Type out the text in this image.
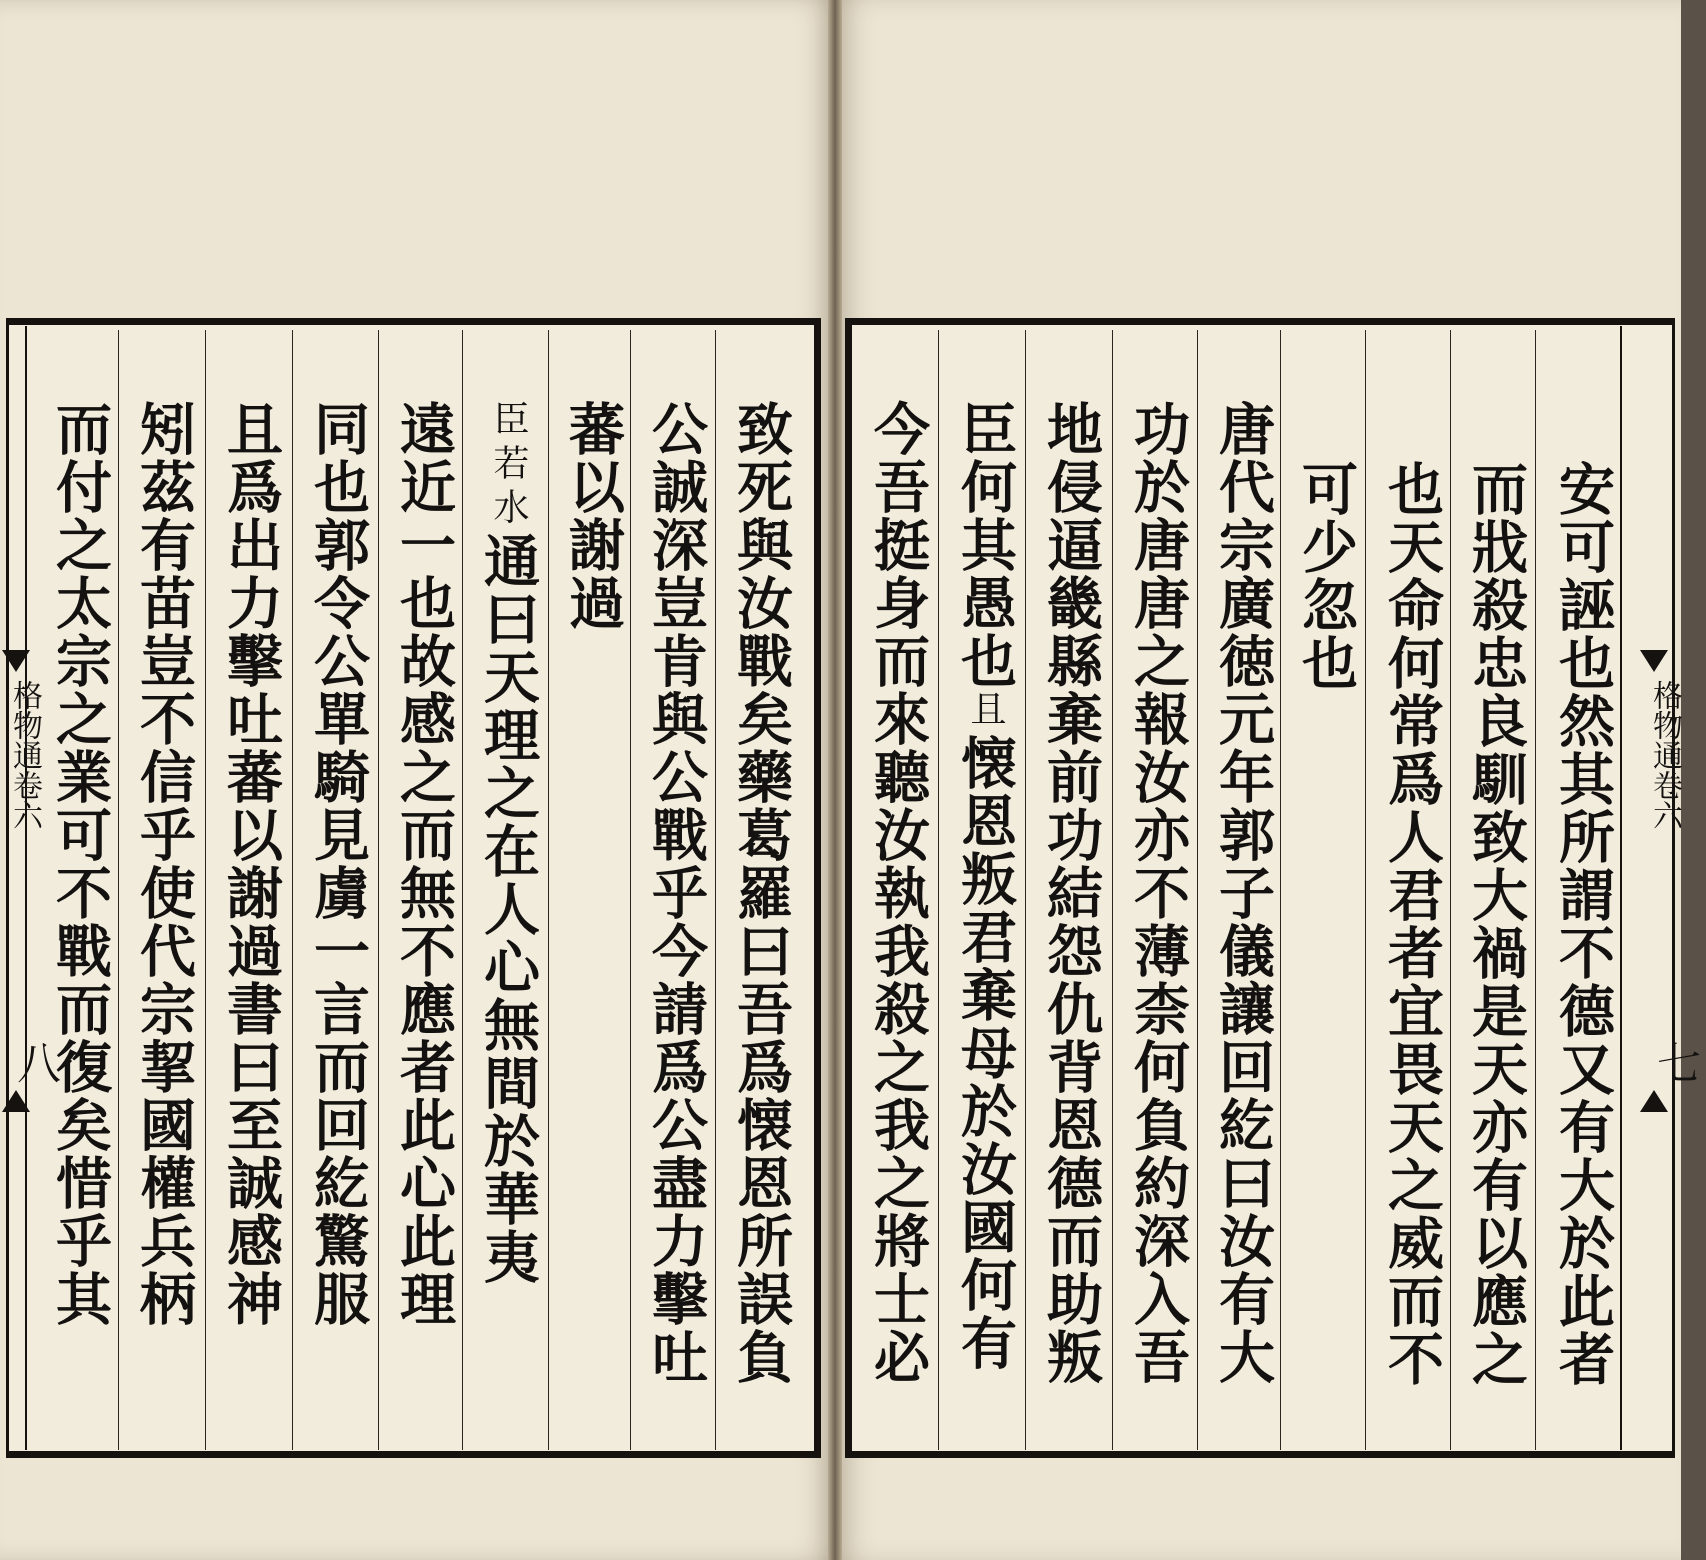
致死與汝戰矣藥葛羅曰吾爲懐恩所誤負
公誠深豈肯與公戰乎今請爲公盡力擊吐
蕃以謝過
臣若水通曰天理之在人心無間於華夷
遠近一也故感之而無不應者此心此理
同也郭令公單騎見虜一言而回紇驚服
且爲出力擊吐蕃以謝過書曰至誠感神
矧茲有苗豈不信乎使代宗挈國權兵柄
而付之太宗之業可不戰而復矣惜乎其	安可誣也然其所謂不德又有大於此者
而戕殺忠良馴致大禍是天亦有以應之
也天命何常爲人君者宜畏天之威而不
可少忽也
唐代宗廣徳元年郭子儀讓回紇曰汝有大
功於唐唐之報汝亦不薄柰何負約深入吾
地侵逼畿縣棄前功結怨仇背恩德而助叛
臣何其愚也且懐恩叛君棄母於汝國何有
今吾挺身而來聽汝執我殺之我之將士必
格物通卷六
八
格物通卷六
七
